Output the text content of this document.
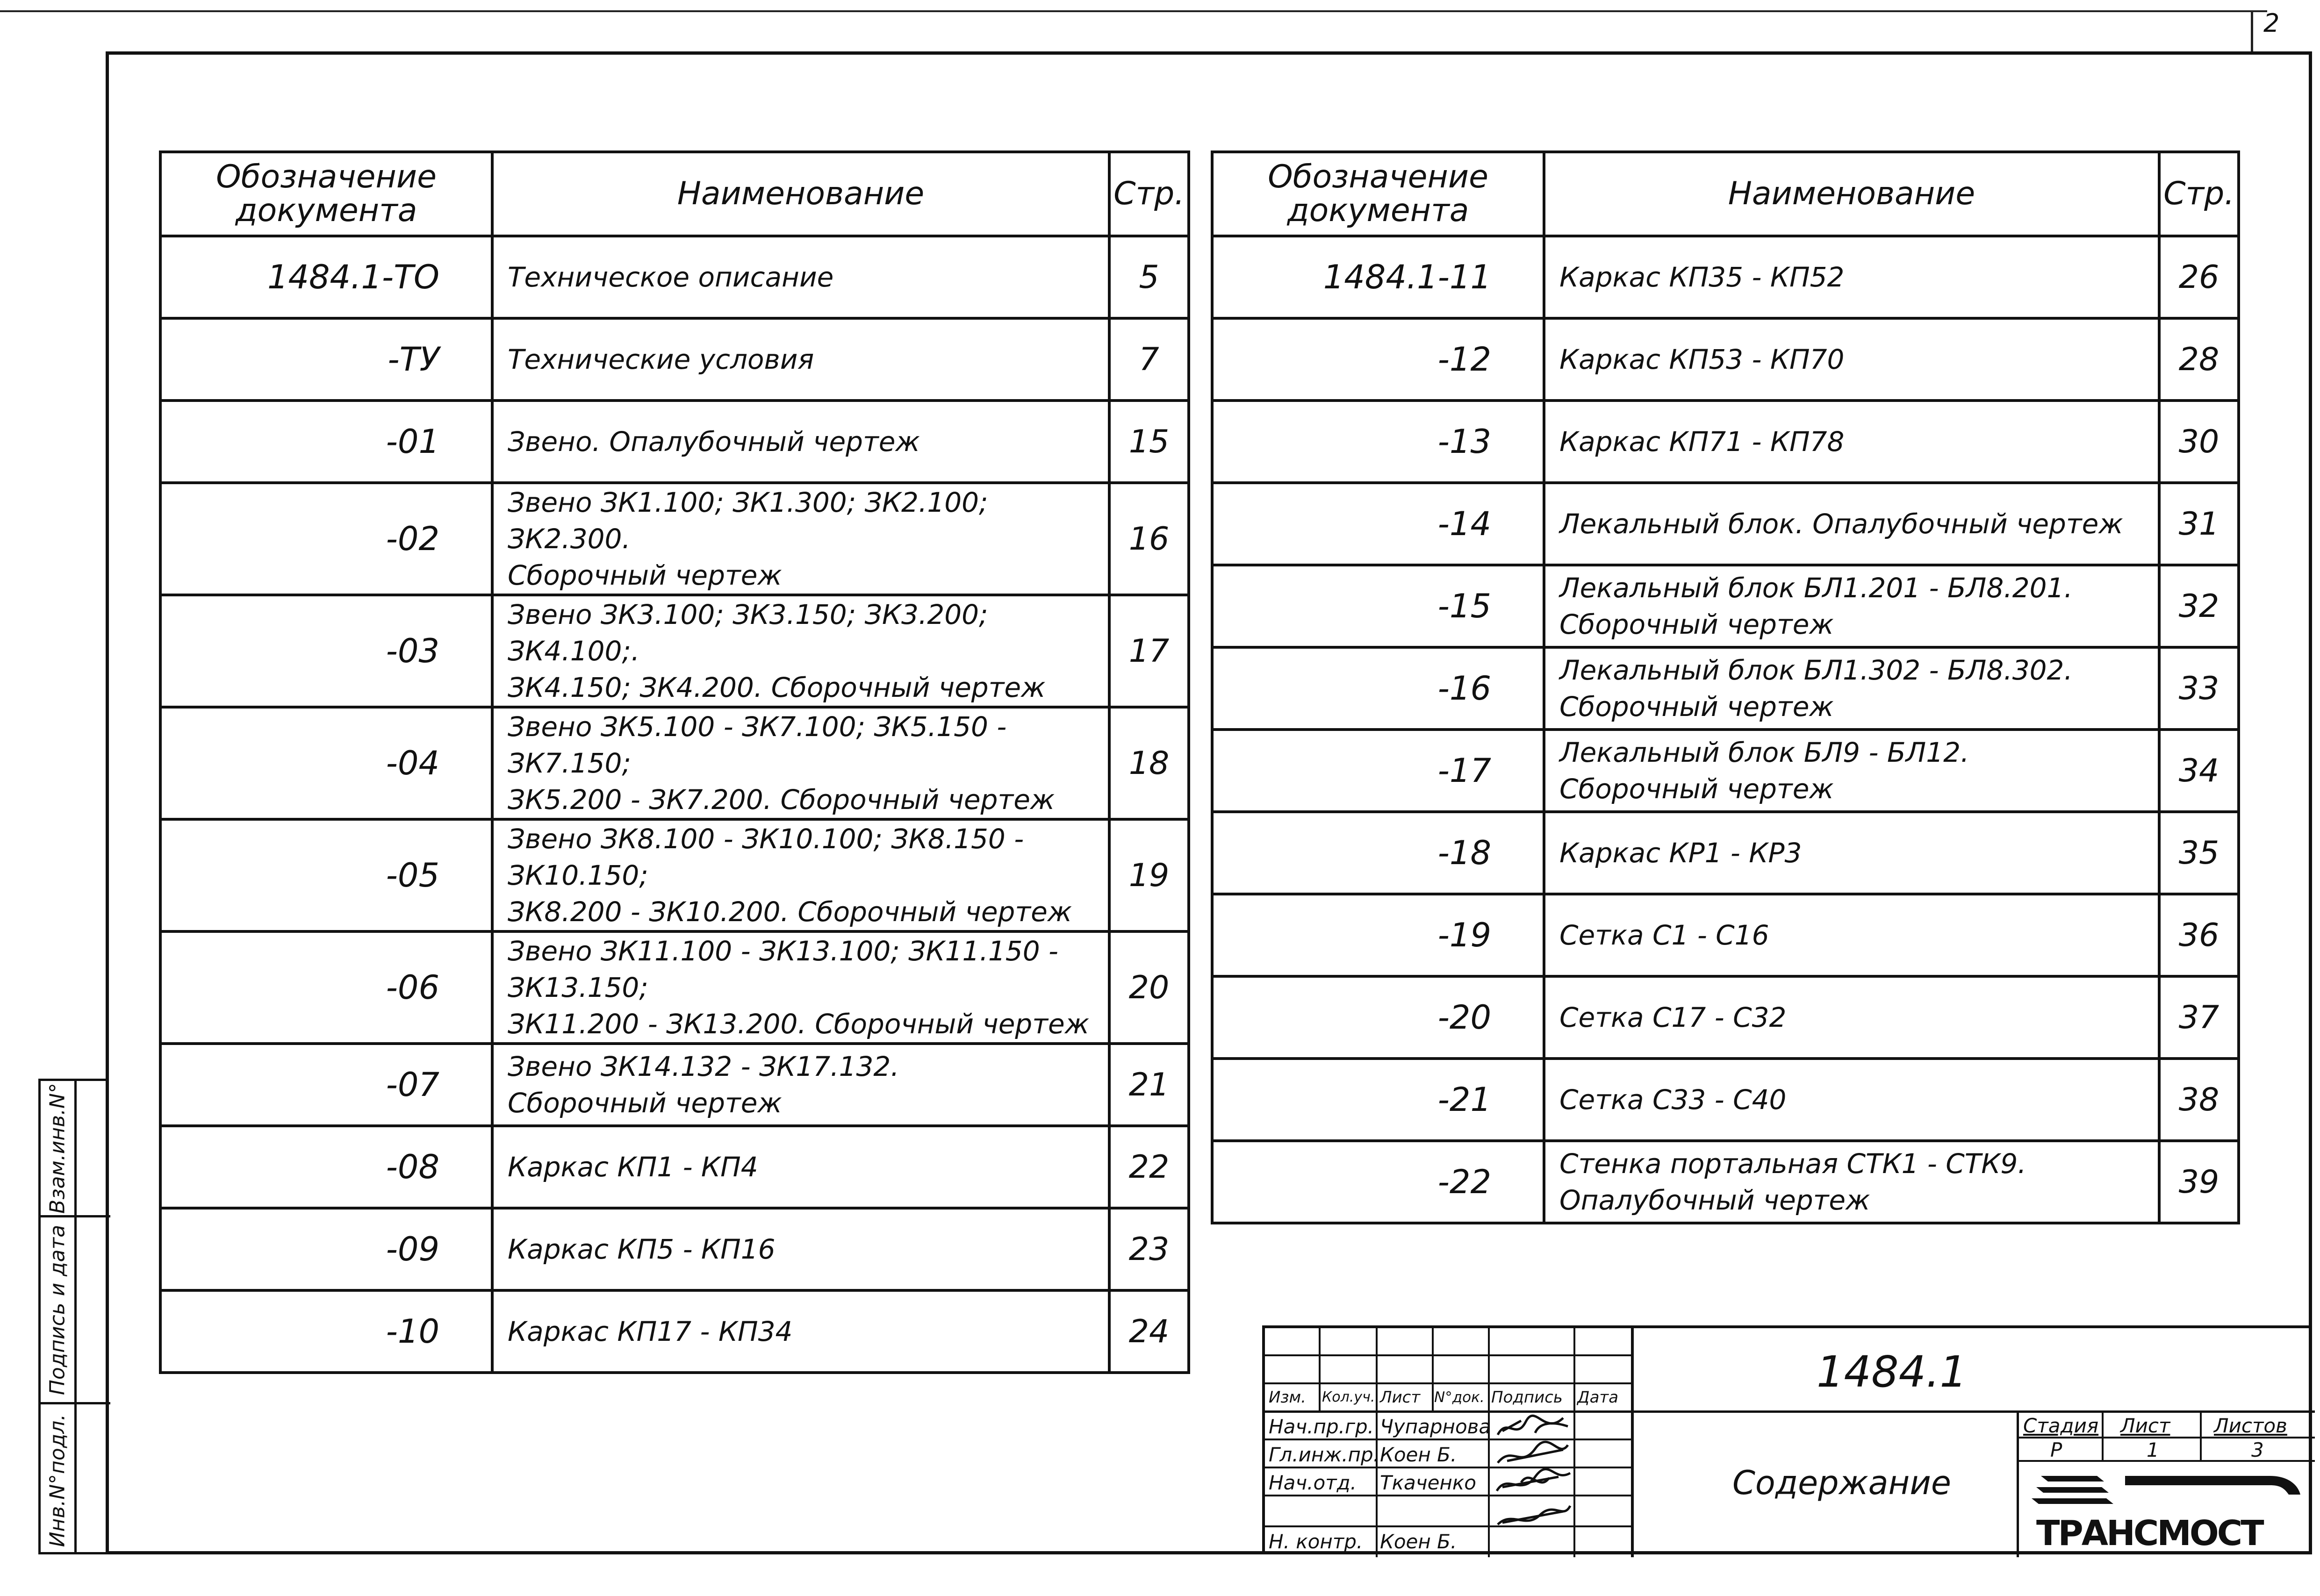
2
Взам.инв.N°
Подпись и дата
Инв.N°подл.
Обозначение документа	Наименование	Стр.
1484.1-ТО	Техническое описание	5
-ТУ	Технические условия	7
-01	Звено. Опалубочный чертеж	15
-02	Звено ЗК1.100; ЗК1.300; ЗК2.100; ЗК2.300.
Сборочный чертеж	16
-03	Звено ЗК3.100; ЗК3.150; ЗК3.200; ЗК4.100;.
ЗК4.150; ЗК4.200. Сборочный чертеж	17
-04	Звено ЗК5.100 - ЗК7.100; ЗК5.150 - ЗК7.150;
ЗК5.200 - ЗК7.200. Сборочный чертеж	18
-05	Звено ЗК8.100 - ЗК10.100; ЗК8.150 - ЗК10.150;
ЗК8.200 - ЗК10.200. Сборочный чертеж	19
-06	Звено ЗК11.100 - ЗК13.100; ЗК11.150 - ЗК13.150;
ЗК11.200 - ЗК13.200. Сборочный чертеж	20
-07	Звено ЗК14.132 - ЗК17.132.
Сборочный чертеж	21
-08	Каркас КП1 - КП4	22
-09	Каркас КП5 - КП16	23
-10	Каркас КП17 - КП34	24
Обозначение документа	Наименование	Стр.
1484.1-11	Каркас КП35 - КП52	26
-12	Каркас КП53 - КП70	28
-13	Каркас КП71 - КП78	30
-14	Лекальный блок. Опалубочный чертеж	31
-15	Лекальный блок БЛ1.201 - БЛ8.201.
Сборочный чертеж	32
-16	Лекальный блок БЛ1.302 - БЛ8.302.
Сборочный чертеж	33
-17	Лекальный блок БЛ9 - БЛ12.
Сборочный чертеж	34
-18	Каркас КР1 - КР3	35
-19	Сетка С1 - С16	36
-20	Сетка С17 - С32	37
-21	Сетка С33 - С40	38
-22	Стенка портальная СТК1 - СТК9.
Опалубочный чертеж	39
Изм. Кол.уч. Лист N°док. Подпись Дата
Нач.пр.гр. Чупарнова
Гл.инж.пр. Коен Б.
Нач.отд. Ткаченко
Н. контр. Коен Б.
1484.1
Содержание
Стадия Лист Листов
Р	1	3
ТРАНСМОСТ
